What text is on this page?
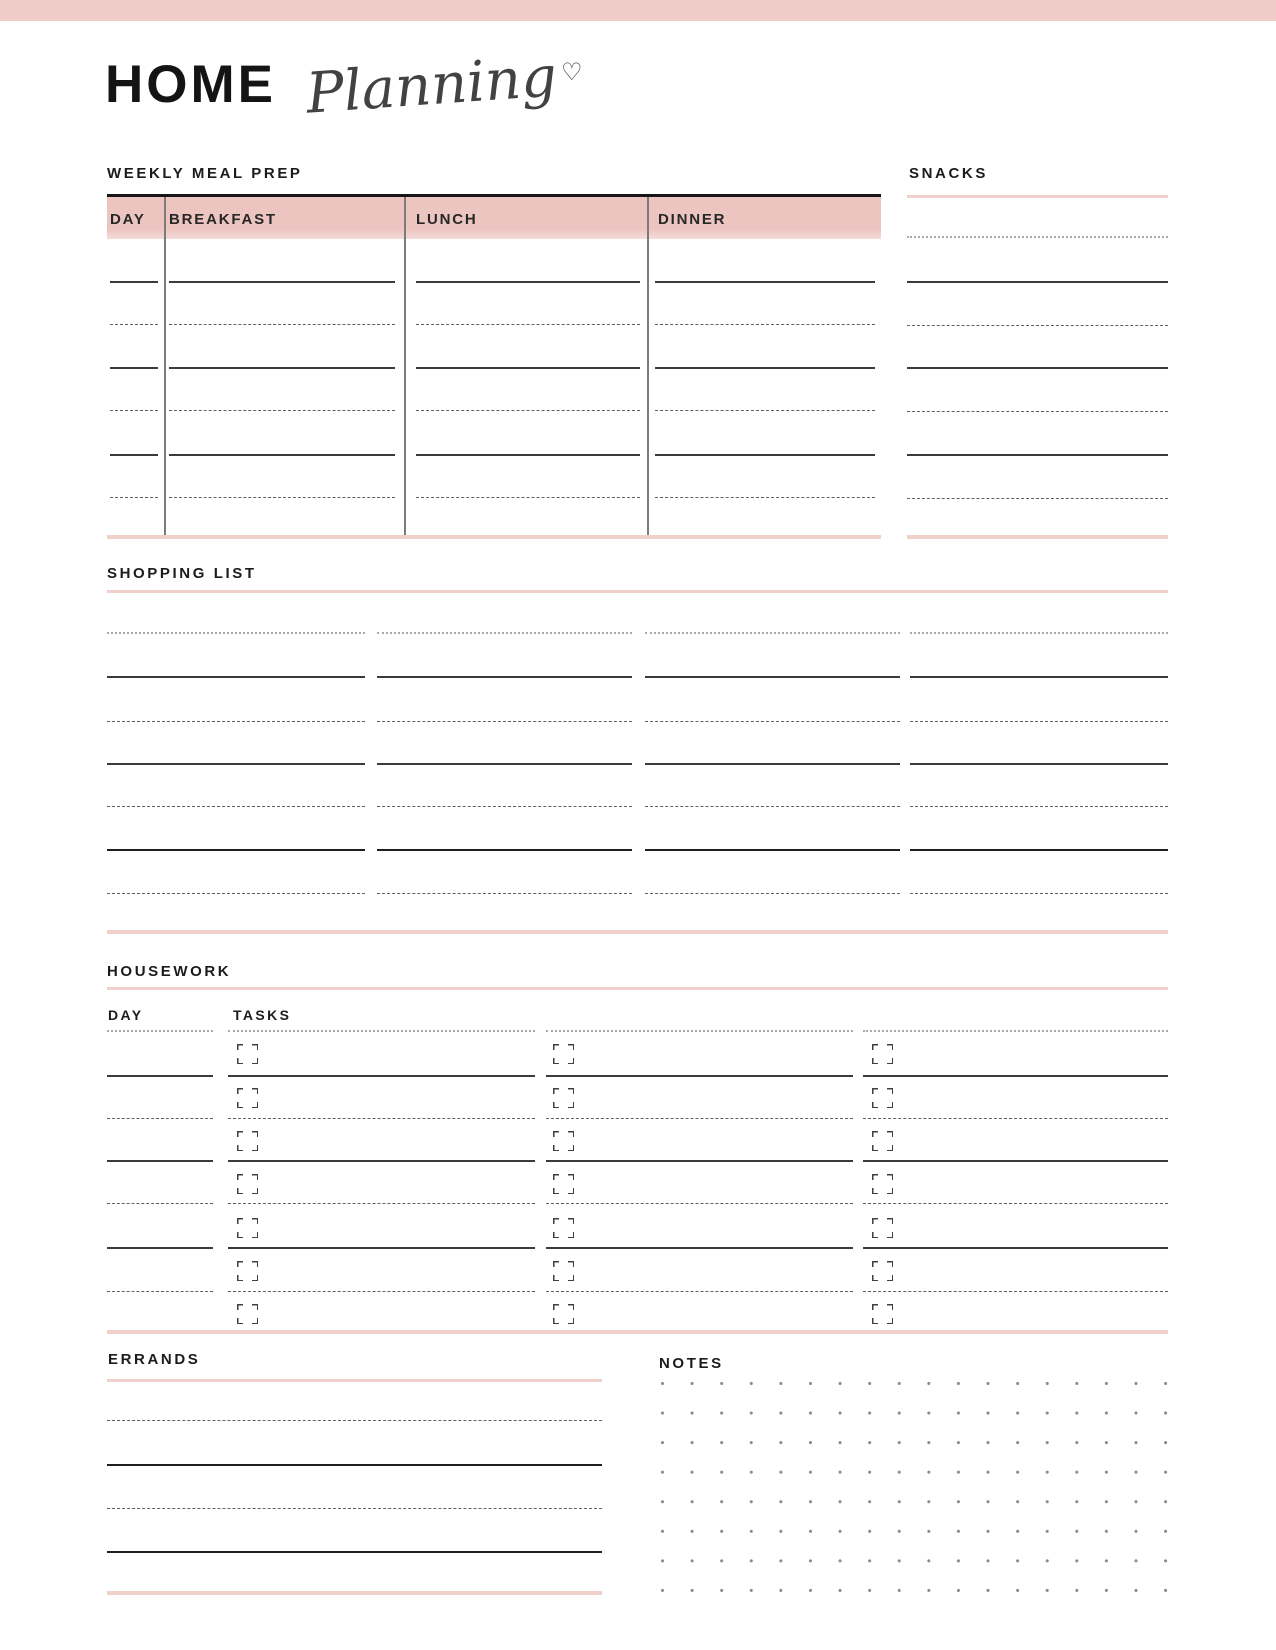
HOME Planning ♡
WEEKLY MEAL PREP
DAY BREAKFAST	LUNCH	DINNER
SNACKS
SHOPPING LIST
HOUSEWORK
DAY	TASKS
ERRANDS	NOTES
